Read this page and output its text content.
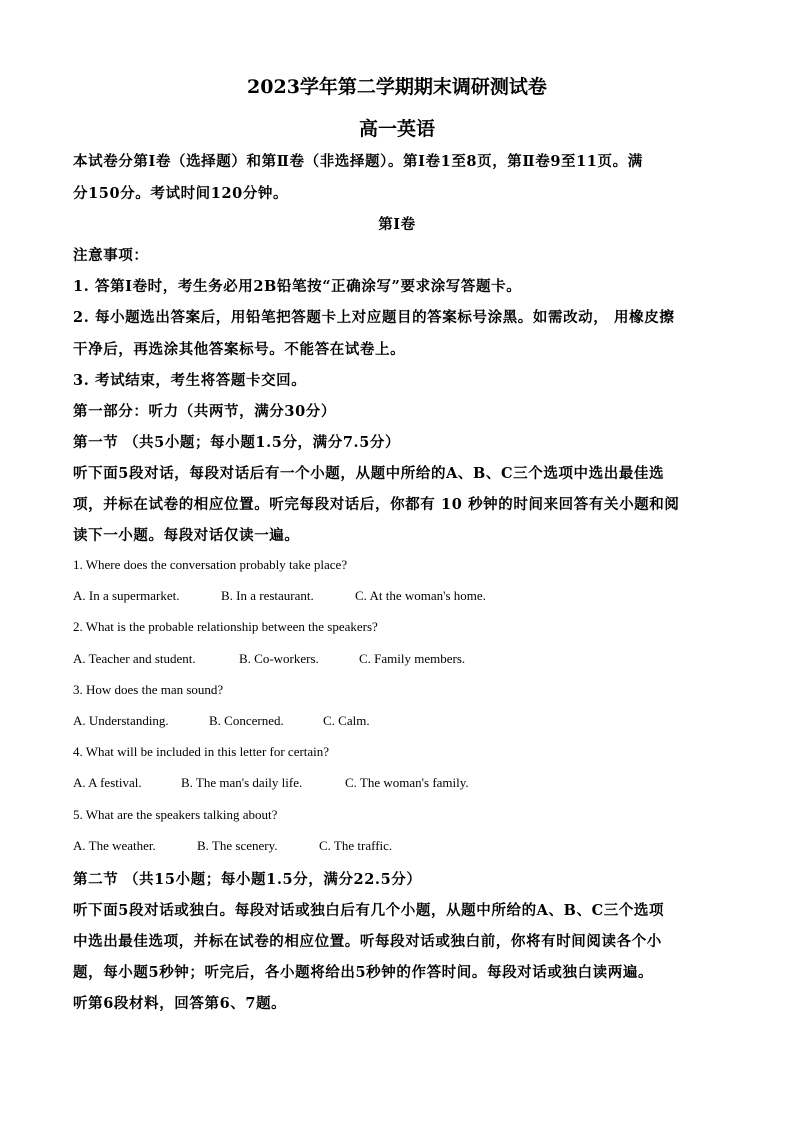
2023学年第二学期期末调研测试卷
高一英语
本试卷分第Ⅰ卷（选择题）和第Ⅱ卷（非选择题）。第Ⅰ卷1至8页，第Ⅱ卷9至11页。满
分150分。考试时间120分钟。
第Ⅰ卷
注意事项：
1. 答第Ⅰ卷时，考生务必用2B铅笔按“正确涂写”要求涂写答题卡。
2. 每小题选出答案后，用铅笔把答题卡上对应题目的答案标号涂黑。如需改动， 用橡皮擦
干净后，再选涂其他答案标号。不能答在试卷上。
3. 考试结束，考生将答题卡交回。
第一部分：听力（共两节，满分30分）
第一节 （共5小题；每小题1.5分，满分7.5分）
听下面5段对话，每段对话后有一个小题，从题中所给的A、B、C三个选项中选出最佳选
项，并标在试卷的相应位置。听完每段对话后，你都有 10 秒钟的时间来回答有关小题和阅
读下一小题。每段对话仅读一遍。
1. Where does the conversation probably take place?
A. In a supermarket.	B. In a restaurant.	C. At the woman's home.
2. What is the probable relationship between the speakers?
A. Teacher and student.	B. Co-workers.	C. Family members.
3. How does the man sound?
A. Understanding.	B. Concerned.	C. Calm.
4. What will be included in this letter for certain?
A. A festival.	B. The man's daily life.	C. The woman's family.
5. What are the speakers talking about?
A. The weather.	B. The scenery.	C. The traffic.
第二节 （共15小题；每小题1.5分，满分22.5分）
听下面5段对话或独白。每段对话或独白后有几个小题，从题中所给的A、B、C三个选项
中选出最佳选项，并标在试卷的相应位置。听每段对话或独白前，你将有时间阅读各个小
题，每小题5秒钟；听完后，各小题将给出5秒钟的作答时间。每段对话或独白读两遍。
听第6段材料，回答第6、7题。
